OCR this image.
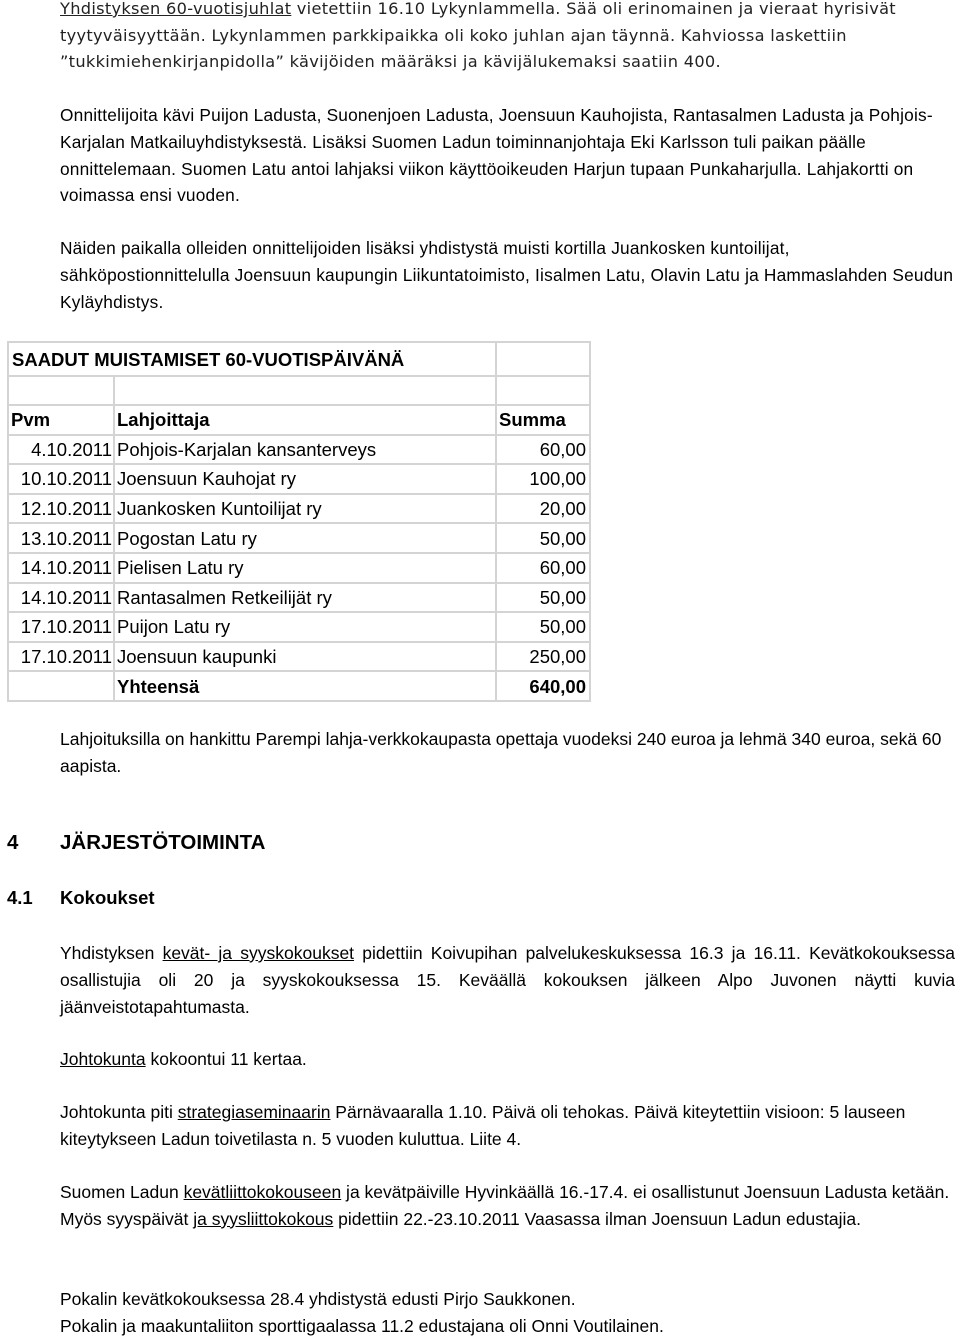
Yhdistyksen 60-vuotisjuhlat vietettiin 16.10 Lykynlammella. Sää oli erinomainen ja vieraat hyrisivät
tyytyväisyyttään. Lykynlammen parkkipaikka oli koko juhlan ajan täynnä. Kahviossa laskettiin
”tukkimiehenkirjanpidolla” kävijöiden määräksi ja kävijälukemaksi saatiin 400.

Onnittelijoita kävi Puijon Ladusta, Suonenjoen Ladusta, Joensuun Kauhojista, Rantasalmen Ladusta ja Pohjois-Karjalan Matkailuyhdistyksestä. Lisäksi Suomen Ladun toiminnanjohtaja Eki Karlsson tuli paikan päälle onnittelemaan. Suomen Latu antoi lahjaksi viikon käyttöoikeuden Harjun tupaan Punkaharjulla. Lahjakortti on voimassa ensi vuoden.

Näiden paikalla olleiden onnittelijoiden lisäksi yhdistystä muisti kortilla Juankosken kuntoilijat, sähköpostionnittelulla Joensuun kaupungin Liikuntatoimisto, Iisalmen Latu, Olavin Latu ja Hammaslahden Seudun Kyläyhdistys.

SAADUT MUISTAMISET 60-VUOTISPÄIVÄNÄ		

Pvm	Lahjoittaja	Summa
4.10.2011	Pohjois-Karjalan kansanterveys	60,00
10.10.2011	Joensuun Kauhojat ry	100,00
12.10.2011	Juankosken Kuntoilijat ry	20,00
13.10.2011	Pogostan Latu ry	50,00
14.10.2011	Pielisen Latu ry	60,00
14.10.2011	Rantasalmen Retkeilijät ry	50,00
17.10.2011	Puijon Latu ry	50,00
17.10.2011	Joensuun kaupunki	250,00
	Yhteensä	640,00

Lahjoituksilla on hankittu Parempi lahja-verkkokaupasta opettaja vuodeksi 240 euroa ja lehmä 340 euroa, sekä 60 aapista.

4 JÄRJESTÖTOIMINTA
4.1 Kokoukset

Yhdistyksen kevät- ja syyskokoukset pidettiin Koivupihan palvelukeskuksessa 16.3 ja 16.11. Kevätkokouksessa osallistujia oli 20 ja syyskokouksessa 15. Keväällä kokouksen jälkeen Alpo Juvonen näytti kuvia jäänveistotapahtumasta.

Johtokunta kokoontui 11 kertaa.

Johtokunta piti strategiaseminaarin Pärnävaaralla 1.10. Päivä oli tehokas. Päivä kiteytettiin visioon: 5 lauseen kiteytykseen Ladun toivetilasta n. 5 vuoden kuluttua. Liite 4.

Suomen Ladun kevätliittokokouseen ja kevätpäiville Hyvinkäällä 16.-17.4. ei osallistunut Joensuun Ladusta ketään. Myös syyspäivät ja syysliittokokous pidettiin 22.-23.10.2011 Vaasassa ilman Joensuun Ladun edustajia.

Pokalin kevätkokouksessa 28.4 yhdistystä edusti Pirjo Saukkonen.
Pokalin ja maakuntaliiton sporttigaalassa 11.2 edustajana oli Onni Voutilainen.
